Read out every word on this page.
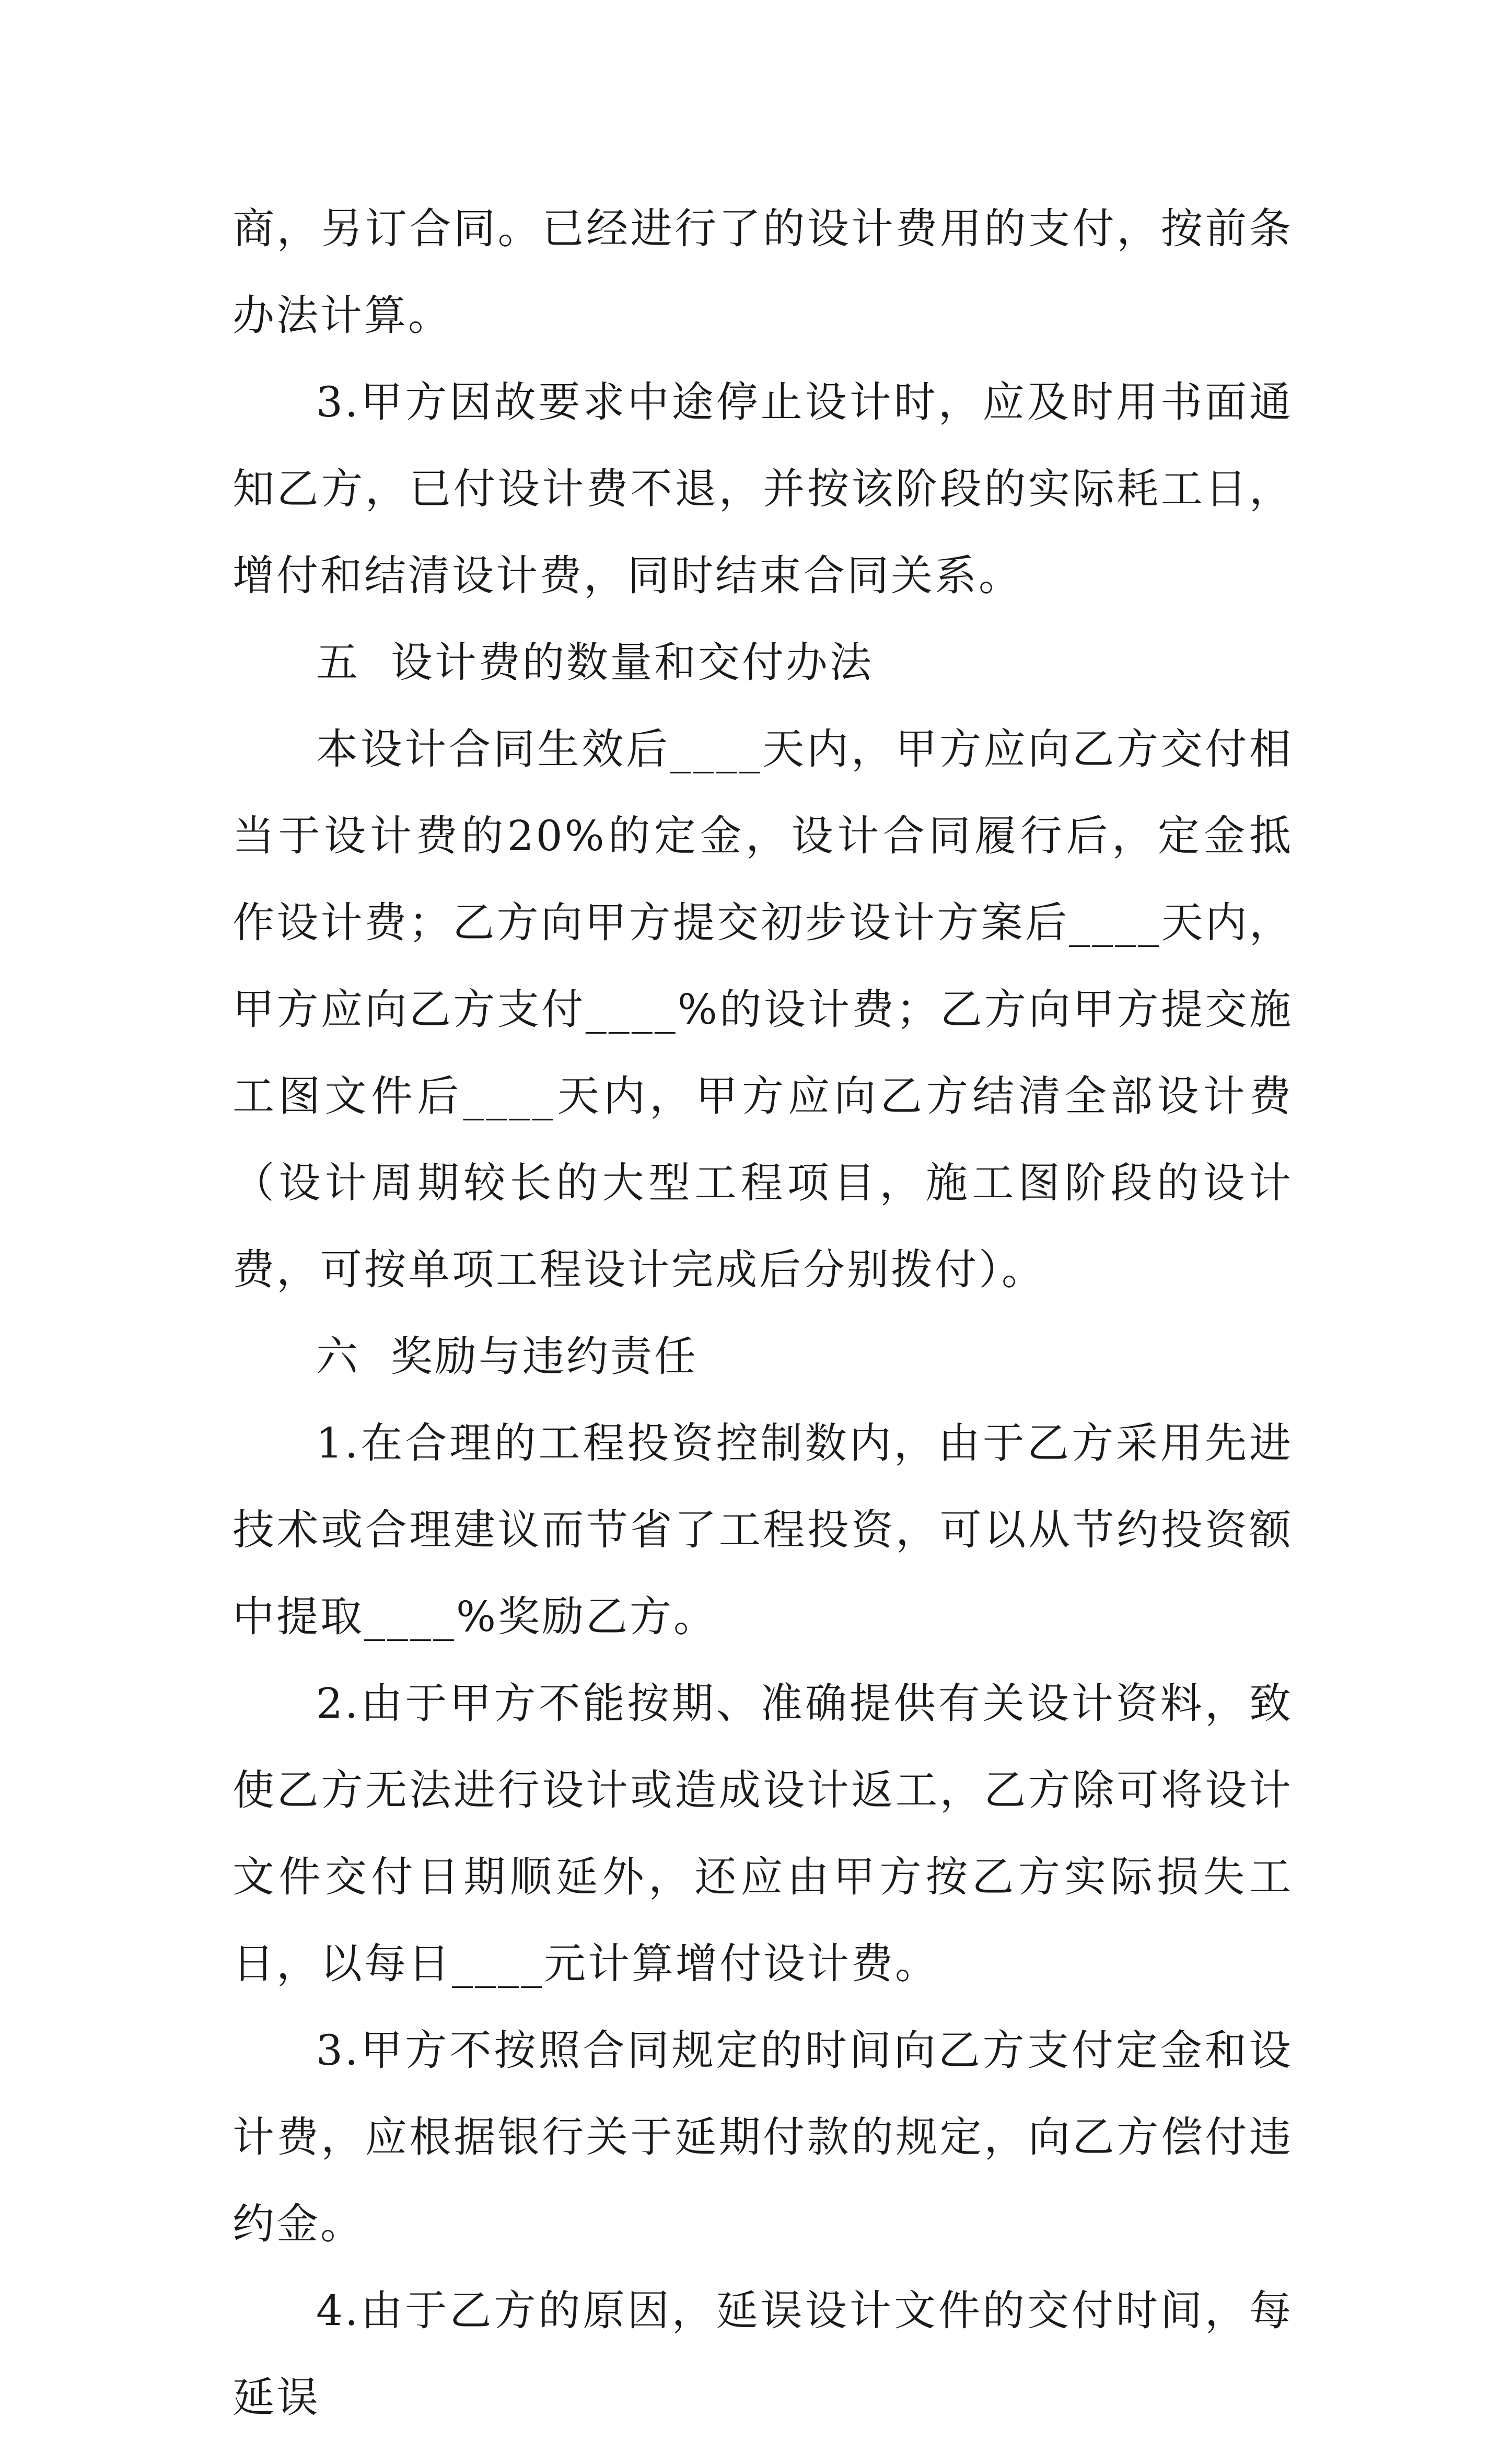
商，另订合同。已经进行了的设计费用的支付，按前条办法计算。

3.甲方因故要求中途停止设计时，应及时用书面通知乙方，已付设计费不退，并按该阶段的实际耗工日，增付和结清设计费，同时结束合同关系。

五  设计费的数量和交付办法

本设计合同生效后____天内，甲方应向乙方交付相当于设计费的20%的定金，设计合同履行后，定金抵作设计费；乙方向甲方提交初步设计方案后____天内，甲方应向乙方支付____%的设计费；乙方向甲方提交施工图文件后____天内，甲方应向乙方结清全部设计费（设计周期较长的大型工程项目，施工图阶段的设计费，可按单项工程设计完成后分别拨付）。

六  奖励与违约责任

1.在合理的工程投资控制数内，由于乙方采用先进技术或合理建议而节省了工程投资，可以从节约投资额中提取____%奖励乙方。

2.由于甲方不能按期、准确提供有关设计资料，致使乙方无法进行设计或造成设计返工，乙方除可将设计文件交付日期顺延外，还应由甲方按乙方实际损失工日，以每日____元计算增付设计费。

3.甲方不按照合同规定的时间向乙方支付定金和设计费，应根据银行关于延期付款的规定，向乙方偿付违约金。

4.由于乙方的原因，延误设计文件的交付时间，每延误
